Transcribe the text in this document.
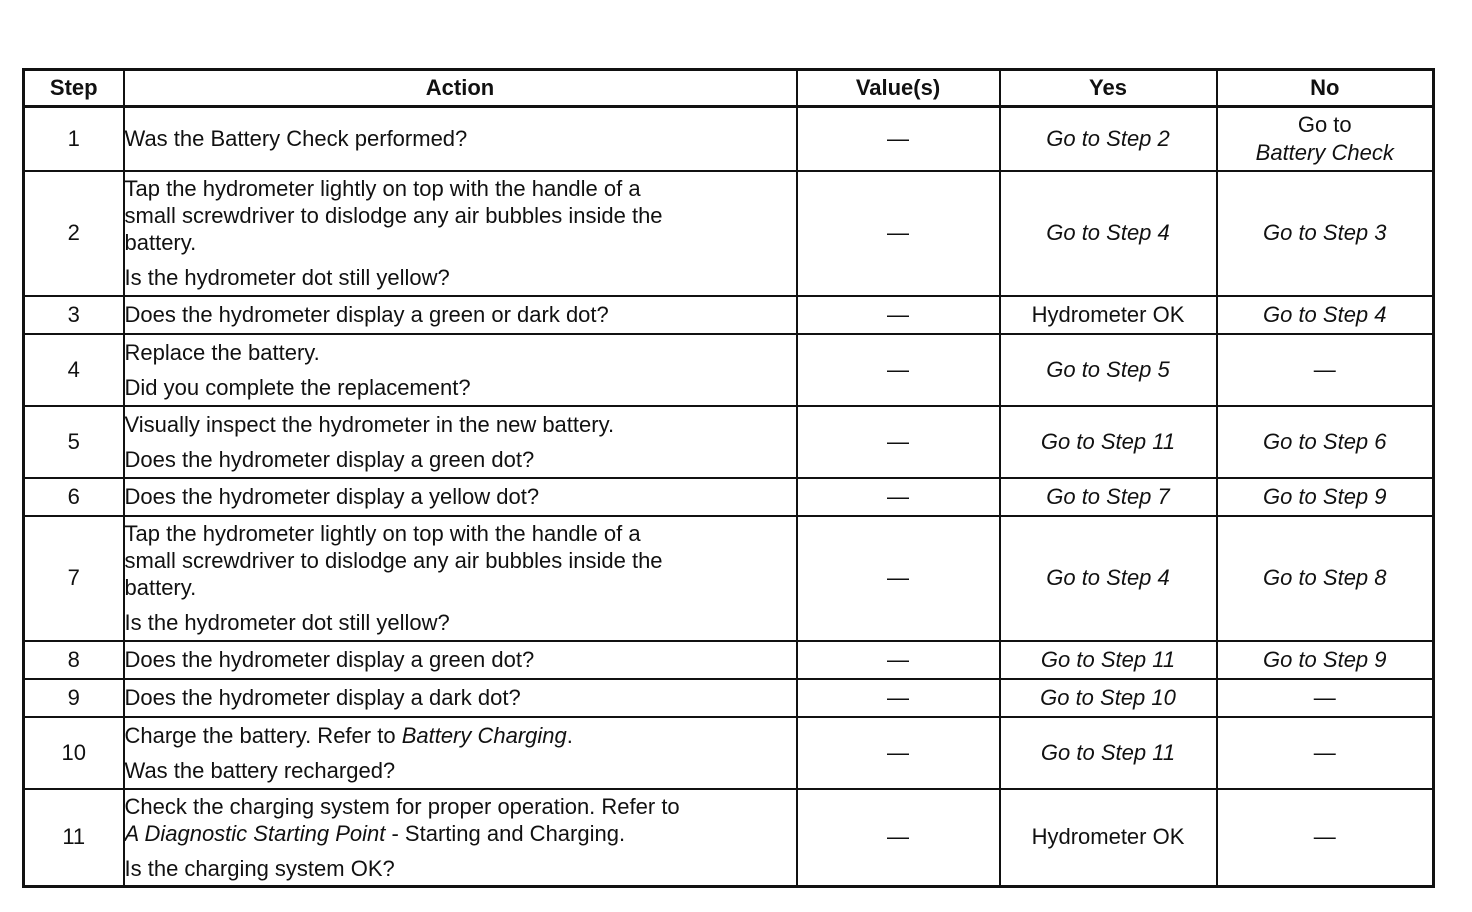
Step	Action	Value(s)	Yes	No
1	Was the Battery Check performed?	—	Go to Step 2	Go to
Battery Check

2	Tap the hydrometer lightly on top with the handle of a
small screwdriver to dislodge any air bubbles inside the
battery.
Is the hydrometer dot still yellow?	—	Go to Step 4	Go to Step 3
3	Does the hydrometer display a green or dark dot?	—	Hydrometer OK	Go to Step 4
4	Replace the battery.
Did you complete the replacement?	—	Go to Step 5	—
5	Visually inspect the hydrometer in the new battery.
Does the hydrometer display a green dot?	—	Go to Step 11	Go to Step 6
6	Does the hydrometer display a yellow dot?	—	Go to Step 7	Go to Step 9
7	Tap the hydrometer lightly on top with the handle of a
small screwdriver to dislodge any air bubbles inside the
battery.
Is the hydrometer dot still yellow?	—	Go to Step 4	Go to Step 8
8	Does the hydrometer display a green dot?	—	Go to Step 11	Go to Step 9
9	Does the hydrometer display a dark dot?	—	Go to Step 10	—
10	Charge the battery. Refer to Battery Charging.
Was the battery recharged?	—	Go to Step 11	—
11	Check the charging system for proper operation. Refer to
A Diagnostic Starting Point - Starting and Charging.
Is the charging system OK?	—	Hydrometer OK	—
